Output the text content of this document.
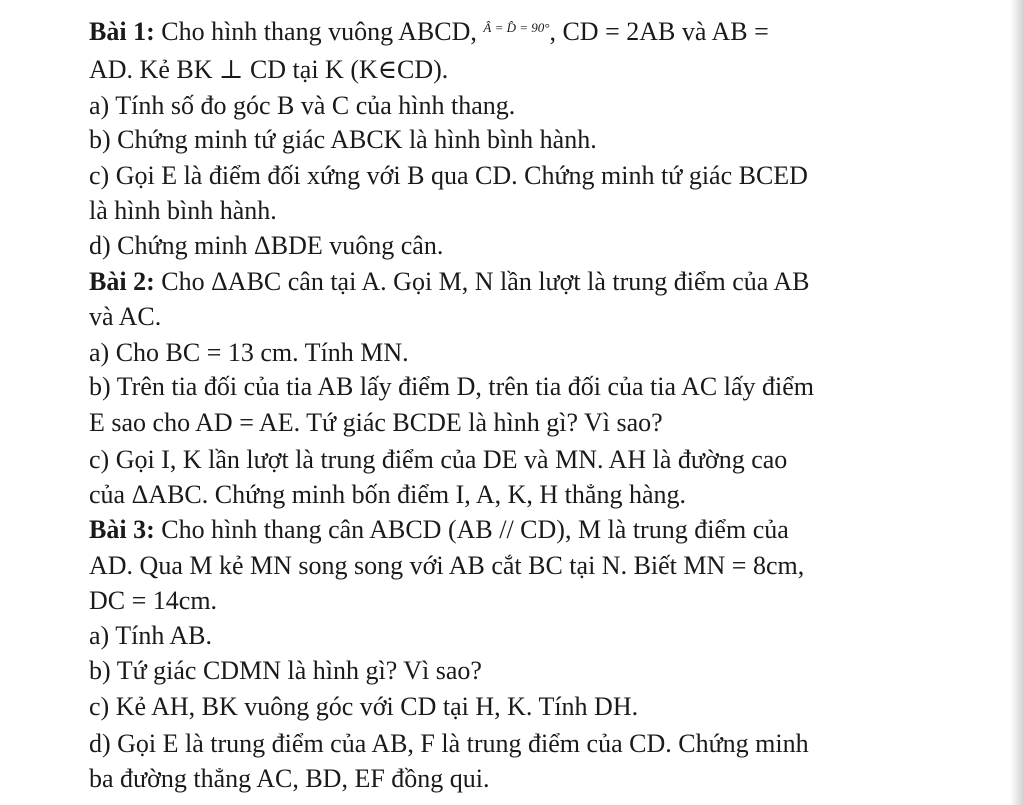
Bài 1: Cho hình thang vuông ABCD, Â = D̂ = 90°, CD = 2AB và AB =
AD. Kẻ BK ⊥ CD tại K (K∈CD).
a) Tính số đo góc B và C của hình thang.
b) Chứng minh tứ giác ABCK là hình bình hành.
c) Gọi E là điểm đối xứng với B qua CD. Chứng minh tứ giác BCED
là hình bình hành.
d) Chứng minh ΔBDE vuông cân.
Bài 2: Cho ΔABC cân tại A. Gọi M, N lần lượt là trung điểm của AB
và AC.
a) Cho BC = 13 cm. Tính MN.
b) Trên tia đối của tia AB lấy điểm D, trên tia đối của tia AC lấy điểm
E sao cho AD = AE. Tứ giác BCDE là hình gì? Vì sao?
c) Gọi I, K lần lượt là trung điểm của DE và MN. AH là đường cao
của ΔABC. Chứng minh bốn điểm I, A, K, H thẳng hàng.
Bài 3: Cho hình thang cân ABCD (AB // CD), M là trung điểm của
AD. Qua M kẻ MN song song với AB cắt BC tại N. Biết MN = 8cm,
DC = 14cm.
a) Tính AB.
b) Tứ giác CDMN là hình gì? Vì sao?
c) Kẻ AH, BK vuông góc với CD tại H, K. Tính DH.
d) Gọi E là trung điểm của AB, F là trung điểm của CD. Chứng minh
ba đường thẳng AC, BD, EF đồng qui.
